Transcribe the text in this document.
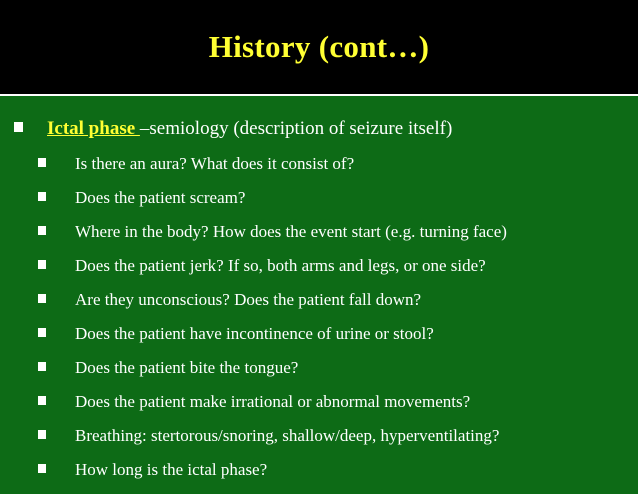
History (cont…)
Ictal phase – semiology (description of seizure itself)
Is there an aura? What does it consist of?
Does the patient scream?
Where in the body? How does the event start (e.g. turning face)
Does the patient jerk? If so, both arms and legs, or one side?
Are they unconscious? Does the patient fall down?
Does the patient have incontinence of urine or stool?
Does the patient bite the tongue?
Does the patient make irrational or abnormal movements?
Breathing: stertorous/snoring, shallow/deep, hyperventilating?
How long is the ictal phase?
